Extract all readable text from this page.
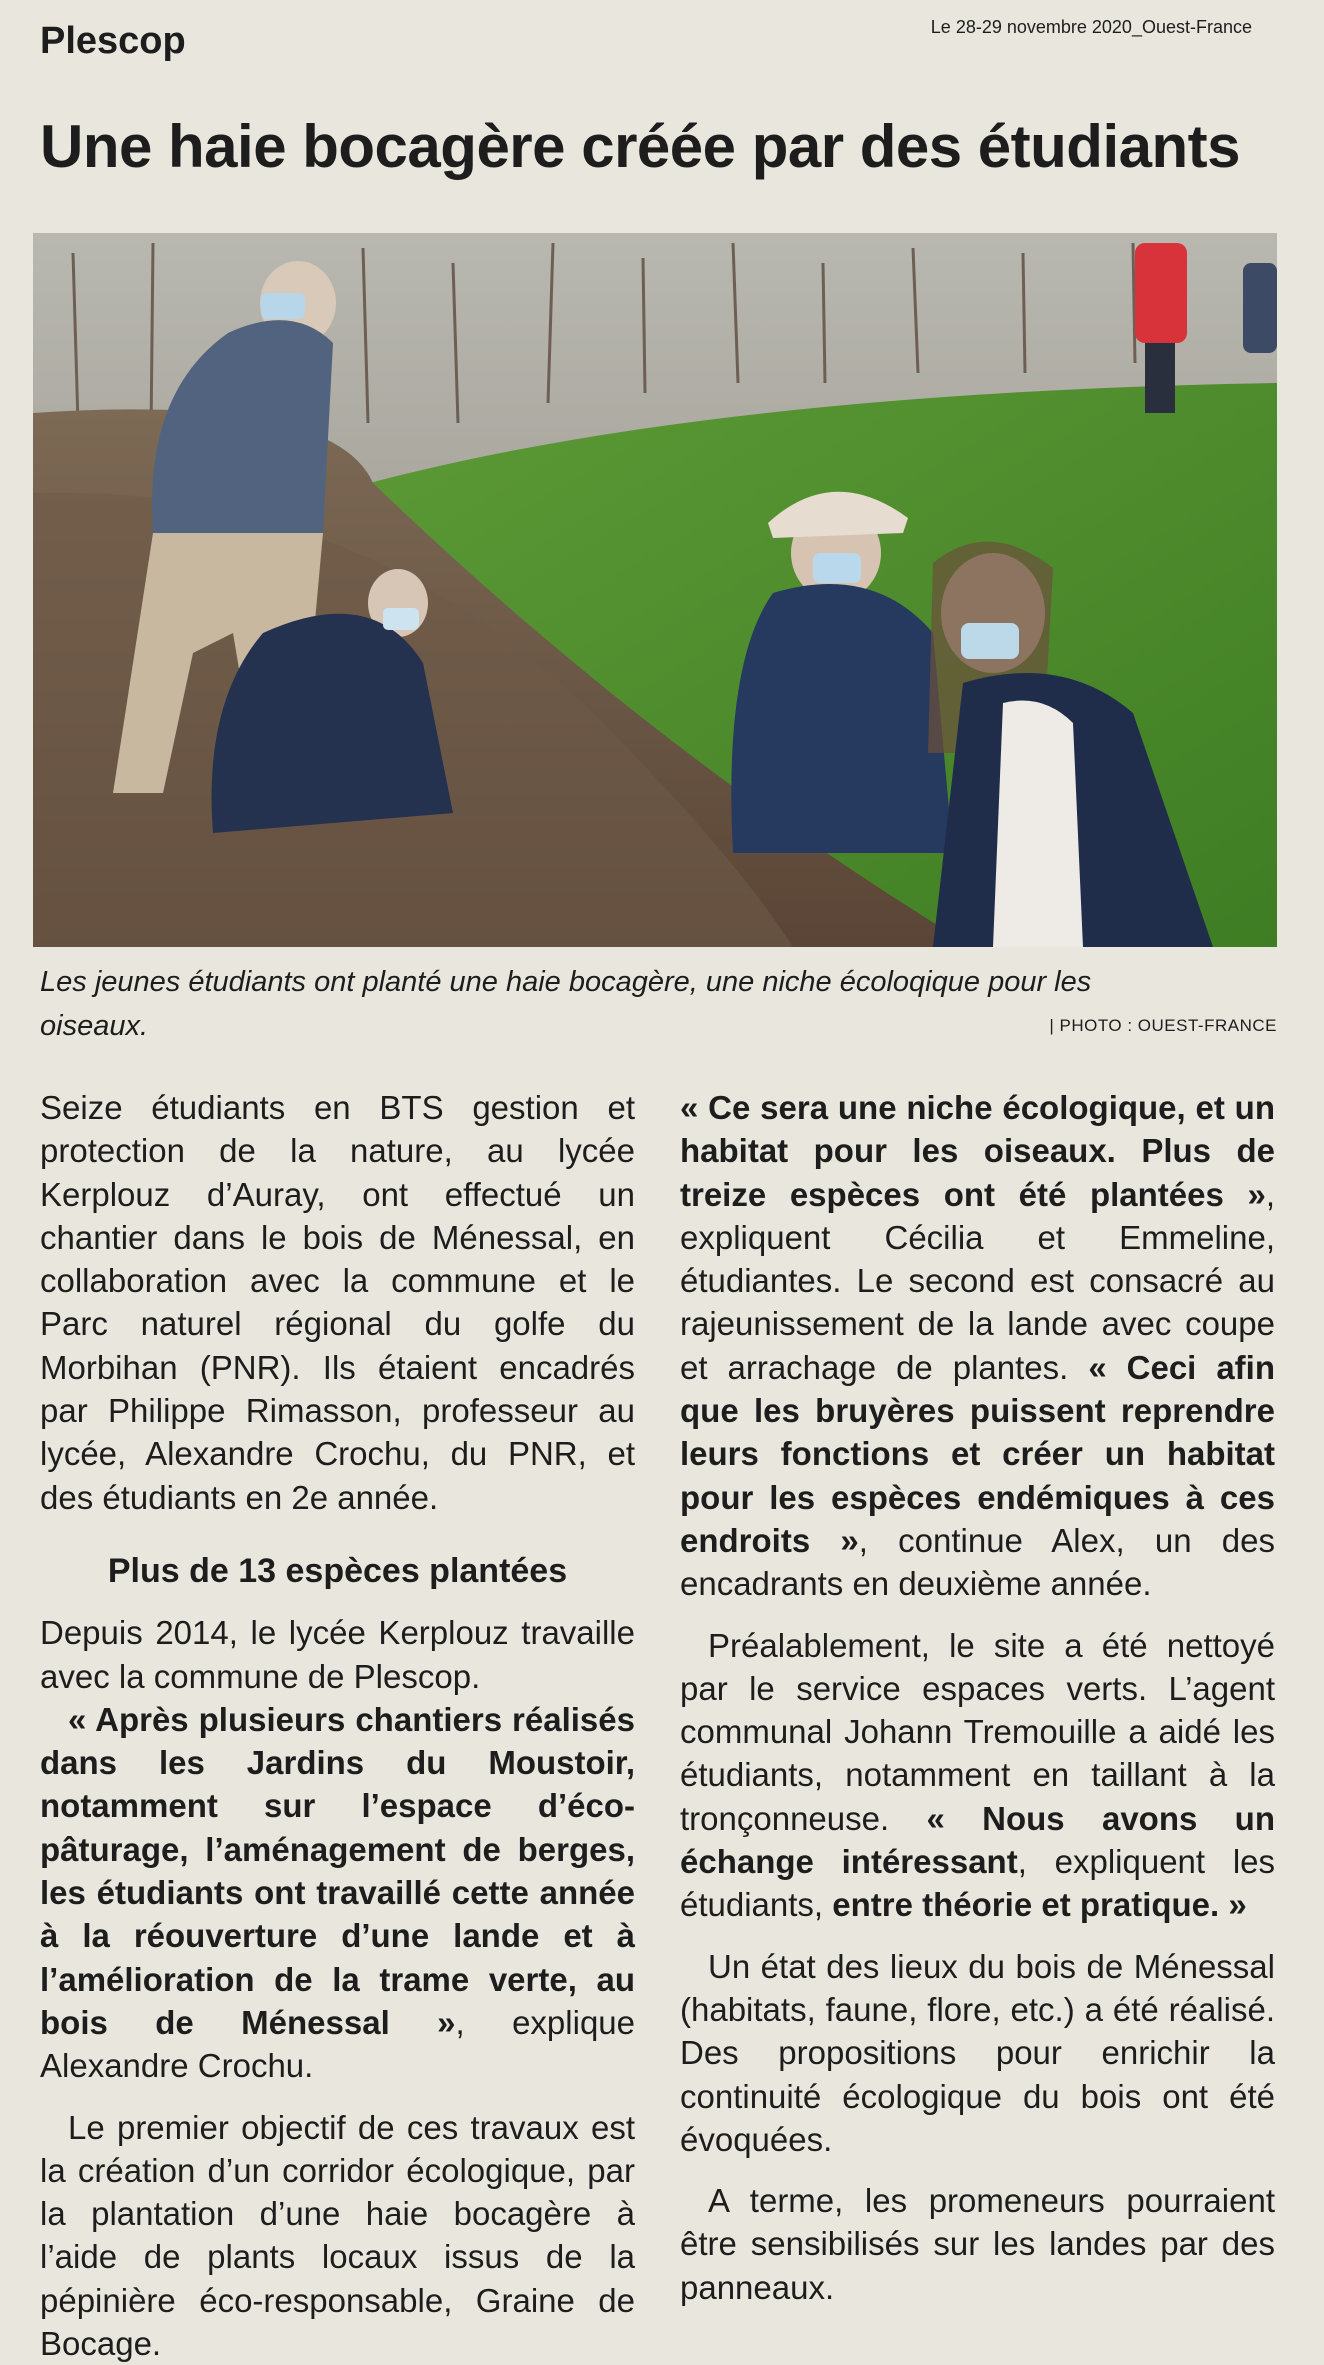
Plescop	Le 28-29 novembre 2020_Ouest-France
Une haie bocagère créée par des étudiants
Les jeunes étudiants ont planté une haie bocagère, une niche écoloqique pour les oiseaux.	| PHOTO : OUEST-FRANCE

Seize étudiants en BTS gestion et protection de la nature, au lycée Kerplouz d’Auray, ont effectué un chantier dans le bois de Ménessal, en collaboration avec la commune et le Parc naturel régional du golfe du Morbihan (PNR). Ils étaient encadrés par Philippe Rimasson, professeur au lycée, Alexandre Crochu, du PNR, et des étudiants en 2e année.

Plus de 13 espèces plantées

Depuis 2014, le lycée Kerplouz travaille avec la commune de Plescop.

« Après plusieurs chantiers réalisés dans les Jardins du Moustoir, notamment sur l’espace d’éco-pâturage, l’aménagement de berges, les étudiants ont travaillé cette année à la réouverture d’une lande et à l’amélioration de la trame verte, au bois de Ménessal », explique Alexandre Crochu.

Le premier objectif de ces travaux est la création d’un corridor écologique, par la plantation d’une haie bocagère à l’aide de plants locaux issus de la pépinière éco-responsable, Graine de Bocage.

« Ce sera une niche écologique, et un habitat pour les oiseaux. Plus de treize espèces ont été plantées », expliquent Cécilia et Emmeline, étudiantes. Le second est consacré au rajeunissement de la lande avec coupe et arrachage de plantes. « Ceci afin que les bruyères puissent reprendre leurs fonctions et créer un habitat pour les espèces endémiques à ces endroits », continue Alex, un des encadrants en deuxième année.

Préalablement, le site a été nettoyé par le service espaces verts. L’agent communal Johann Tremouille a aidé les étudiants, notamment en taillant à la tronçonneuse. « Nous avons un échange intéressant, expliquent les étudiants, entre théorie et pratique. »

Un état des lieux du bois de Ménessal (habitats, faune, flore, etc.) a été réalisé. Des propositions pour enrichir la continuité écologique du bois ont été évoquées.

A terme, les promeneurs pourraient être sensibilisés sur les landes par des panneaux.
